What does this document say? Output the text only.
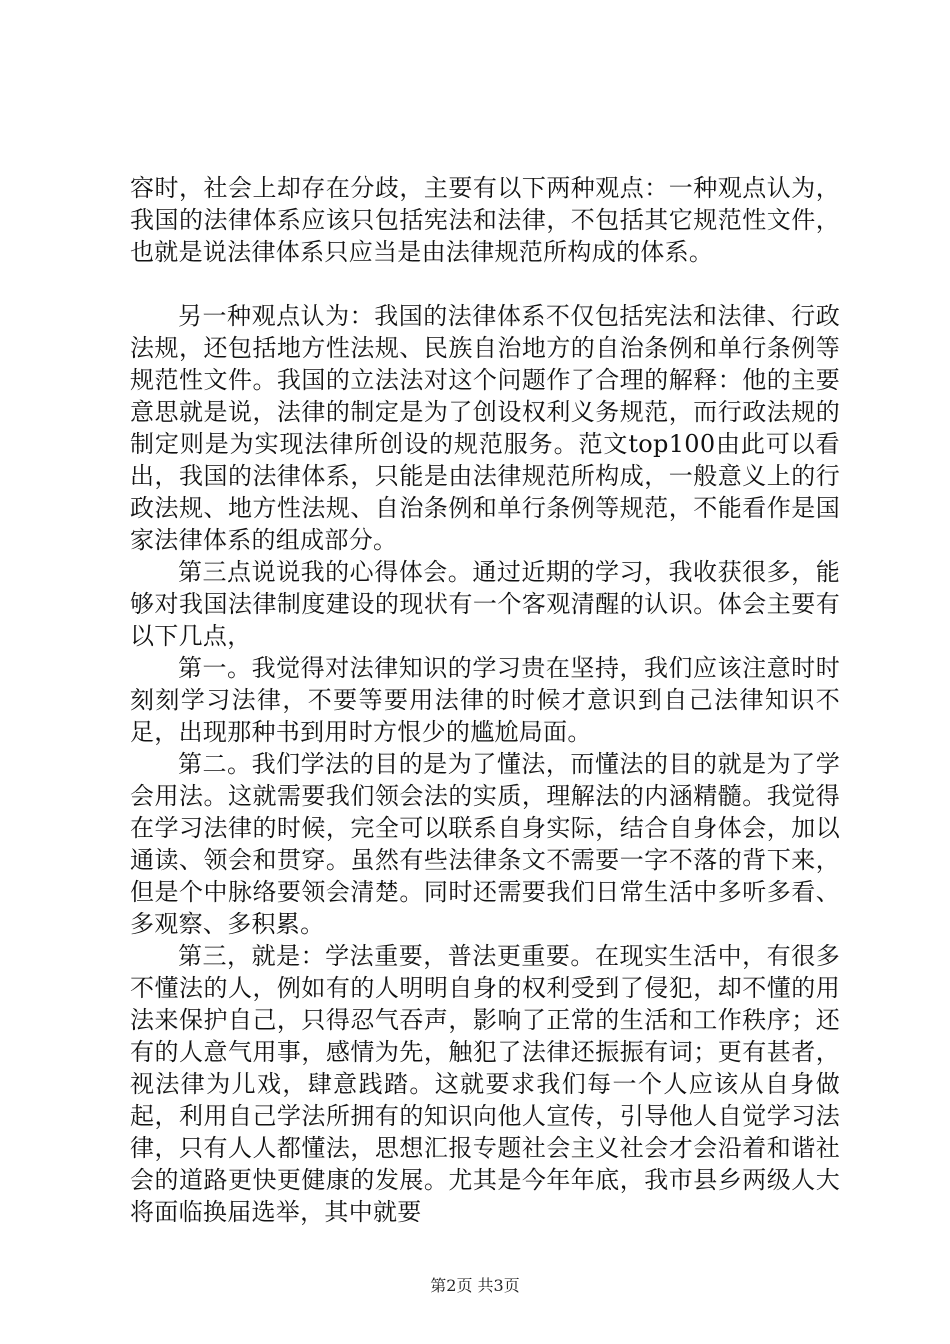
容时，社会上却存在分歧，主要有以下两种观点：一种观点认为，我国的法律体系应该只包括宪法和法律，不包括其它规范性文件，也就是说法律体系只应当是由法律规范所构成的体系。

另一种观点认为：我国的法律体系不仅包括宪法和法律、行政法规，还包括地方性法规、民族自治地方的自治条例和单行条例等规范性文件。我国的立法法对这个问题作了合理的解释：他的主要意思就是说，法律的制定是为了创设权利义务规范，而行政法规的制定则是为实现法律所创设的规范服务。范文top100由此可以看出，我国的法律体系，只能是由法律规范所构成，一般意义上的行政法规、地方性法规、自治条例和单行条例等规范，不能看作是国家法律体系的组成部分。

第三点说说我的心得体会。通过近期的学习，我收获很多，能够对我国法律制度建设的现状有一个客观清醒的认识。体会主要有以下几点，

第一。我觉得对法律知识的学习贵在坚持，我们应该注意时时刻刻学习法律，不要等要用法律的时候才意识到自己法律知识不足，出现那种书到用时方恨少的尴尬局面。

第二。我们学法的目的是为了懂法，而懂法的目的就是为了学会用法。这就需要我们领会法的实质，理解法的内涵精髓。我觉得在学习法律的时候，完全可以联系自身实际，结合自身体会，加以通读、领会和贯穿。虽然有些法律条文不需要一字不落的背下来，但是个中脉络要领会清楚。同时还需要我们日常生活中多听多看、多观察、多积累。

第三，就是：学法重要，普法更重要。在现实生活中，有很多不懂法的人，例如有的人明明自身的权利受到了侵犯，却不懂的用法来保护自己，只得忍气吞声，影响了正常的生活和工作秩序；还有的人意气用事，感情为先，触犯了法律还振振有词；更有甚者，视法律为儿戏，肆意践踏。这就要求我们每一个人应该从自身做起，利用自己学法所拥有的知识向他人宣传，引导他人自觉学习法律，只有人人都懂法，思想汇报专题社会主义社会才会沿着和谐社会的道路更快更健康的发展。尤其是今年年底，我市县乡两级人大将面临换届选举，其中就要

第2页 共3页
